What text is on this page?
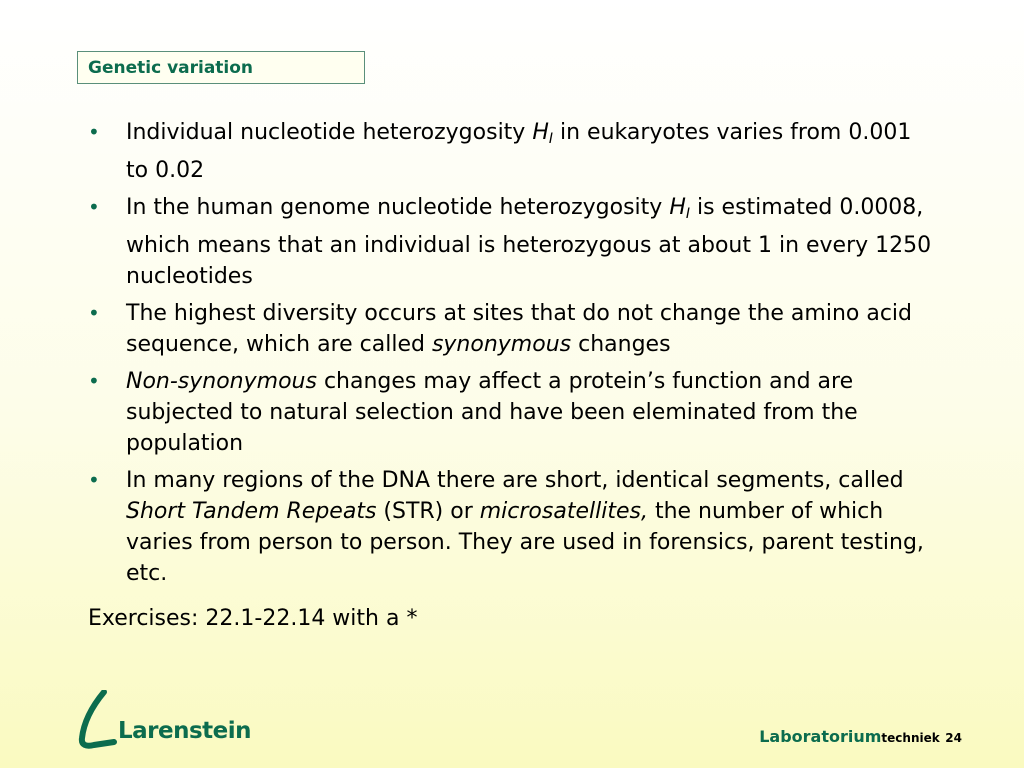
Genetic variation
• Individual nucleotide heterozygosity $H_I$ in eukaryotes varies from 0.001 to 0.02
• In the human genome nucleotide heterozygosity $H_I$ is estimated 0.0008, which means that an individual is heterozygous at about 1 in every 1250 nucleotides
• The highest diversity occurs at sites that do not change the amino acid sequence, which are called synonymous changes
• Non-synonymous changes may affect a protein’s function and are subjected to natural selection and have been eleminated from the population
• In many regions of the DNA there are short, identical segments, called Short Tandem Repeats (STR) or microsatellites, the number of which varies from person to person. They are used in forensics, parent testing, etc.
Exercises: 22.1-22.14 with a *
Larenstein	Laboratoriumtechniek 24
